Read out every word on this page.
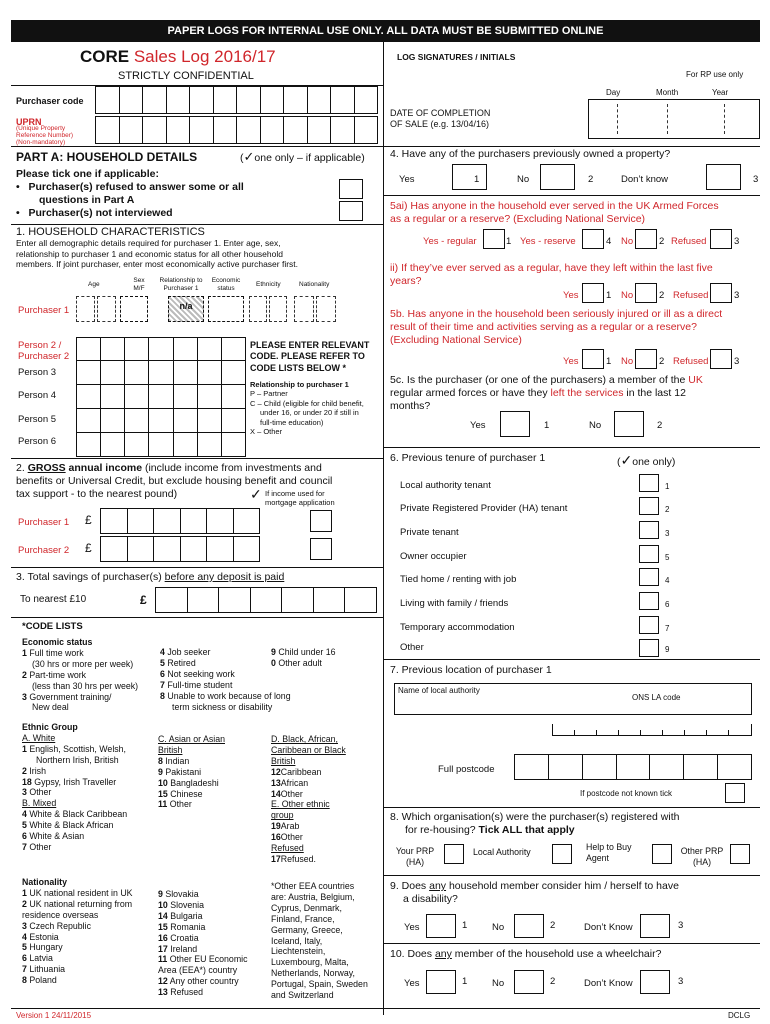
PAPER LOGS FOR INTERNAL USE ONLY. ALL DATA MUST BE SUBMITTED ONLINE
CORE Sales Log 2016/17
STRICTLY CONFIDENTIAL
LOG SIGNATURES / INITIALS
For RP use only
Purchaser code
UPRN
(Unique Property
Reference Number)
(Non-mandatory)
Day	Month	Year
DATE OF COMPLETION
OF SALE (e.g. 13/04/16)
PART A: HOUSEHOLD DETAILS	(✓one only – if applicable)
Please tick one if applicable:
• Purchaser(s) refused to answer some or all
questions in Part A
• Purchaser(s) not interviewed
1. HOUSEHOLD CHARACTERISTICS
Enter all demographic details required for purchaser 1. Enter age, sex,
relationship to purchaser 1 and economic status for all other household
members. If joint purchaser, enter most economically active purchaser first.
Age
Sex M/F
Relationship to Purchaser 1
Economic status
Ethnicity	Nationality
Purchaser 1	n/a
Person 2 /
Purchaser 2
Person 3
Person 4
Person 5
Person 6
PLEASE ENTER RELEVANT
CODE. PLEASE REFER TO
CODE LISTS BELOW *
Relationship to purchaser 1
P – Partner
C – Child (eligible for child benefit,
under 16, or under 20 if still in
full-time education)
X – Other
2. GROSS annual income (include income from investments and
benefits or Universal Credit, but exclude housing benefit and council
tax support - to the nearest pound)	✓ If income used for
mortgage application
Purchaser 1 £
Purchaser 2 £
3. Total savings of purchaser(s) before any deposit is paid
To nearest £10	£
*CODE LISTS
Economic status
1 Full time work
(30 hrs or more per week)
2 Part-time work
(less than 30 hrs per week)
3 Government training/
New deal
4 Job seeker
5 Retired
6 Not seeking work
7 Full-time student
8 Unable to work because of long
term sickness or disability
9 Child under 16
0 Other adult
Ethnic Group
A. White
1 English, Scottish, Welsh,
Northern Irish, British
2 Irish
18 Gypsy, Irish Traveller
3 Other
B. Mixed
4 White & Black Caribbean
5 White & Black African
6 White & Asian
7 Other
C. Asian or Asian
British
8 Indian
9 Pakistani
10 Bangladeshi
15 Chinese
11 Other
D. Black, African,
Caribbean or Black
British
12Caribbean
13African
14Other
E. Other ethnic
group
19Arab
16Other
Refused
17Refused.
Nationality
1 UK national resident in UK
2 UK national returning from
residence overseas
3 Czech Republic
4 Estonia
5 Hungary
6 Latvia
7 Lithuania
8 Poland
9 Slovakia
10 Slovenia
14 Bulgaria
15 Romania
16 Croatia
17 Ireland
11 Other EU Economic
Area (EEA*) country
12 Any other country
13 Refused
*Other EEA countries
are: Austria, Belgium,
Cyprus, Denmark,
Finland, France,
Germany, Greece,
Iceland, Italy,
Liechtenstein,
Luxembourg, Malta,
Netherlands, Norway,
Portugal, Spain, Sweden
and Switzerland
4. Have any of the purchasers previously owned a property?
Yes	1	No	2	Don’t know	3
5ai) Has anyone in the household ever served in the UK Armed Forces
as a regular or a reserve? (Excluding National Service)
Yes - regular	1 Yes - reserve	4 No	2 Refused	3
ii) If they’ve ever served as a regular, have they left within the last five
years?
Yes	1 No	2 Refused	3
5b. Has anyone in the household been seriously injured or ill as a direct
result of their time and activities serving as a regular or a reserve?
(Excluding National Service)
Yes	1 No	2 Refused	3
5c. Is the purchaser (or one of the purchasers) a member of the UK
regular armed forces or have they left the services in the last 12
months?
Yes	1	No	2
6. Previous tenure of purchaser 1	(✓one only)
Local authority tenant	1
Private Registered Provider (HA) tenant	2
Private tenant	3
Owner occupier	5
Tied home / renting with job	4
Living with family / friends	6
Temporary accommodation	7
Other	9
7. Previous location of purchaser 1
Name of local authority
ONS LA code
Full postcode
If postcode not known tick
8. Which organisation(s) were the purchaser(s) registered with
for re-housing? Tick ALL that apply
Your PRP
(HA)
Local Authority	Help to Buy
Agent
Other PRP
(HA)
9. Does any household member consider him / herself to have
a disability?
Yes	1	No	2	Don’t Know	3
10. Does any member of the household use a wheelchair?
Yes	1	No	2	Don’t Know	3
Version 1 24/11/2015	DCLG
